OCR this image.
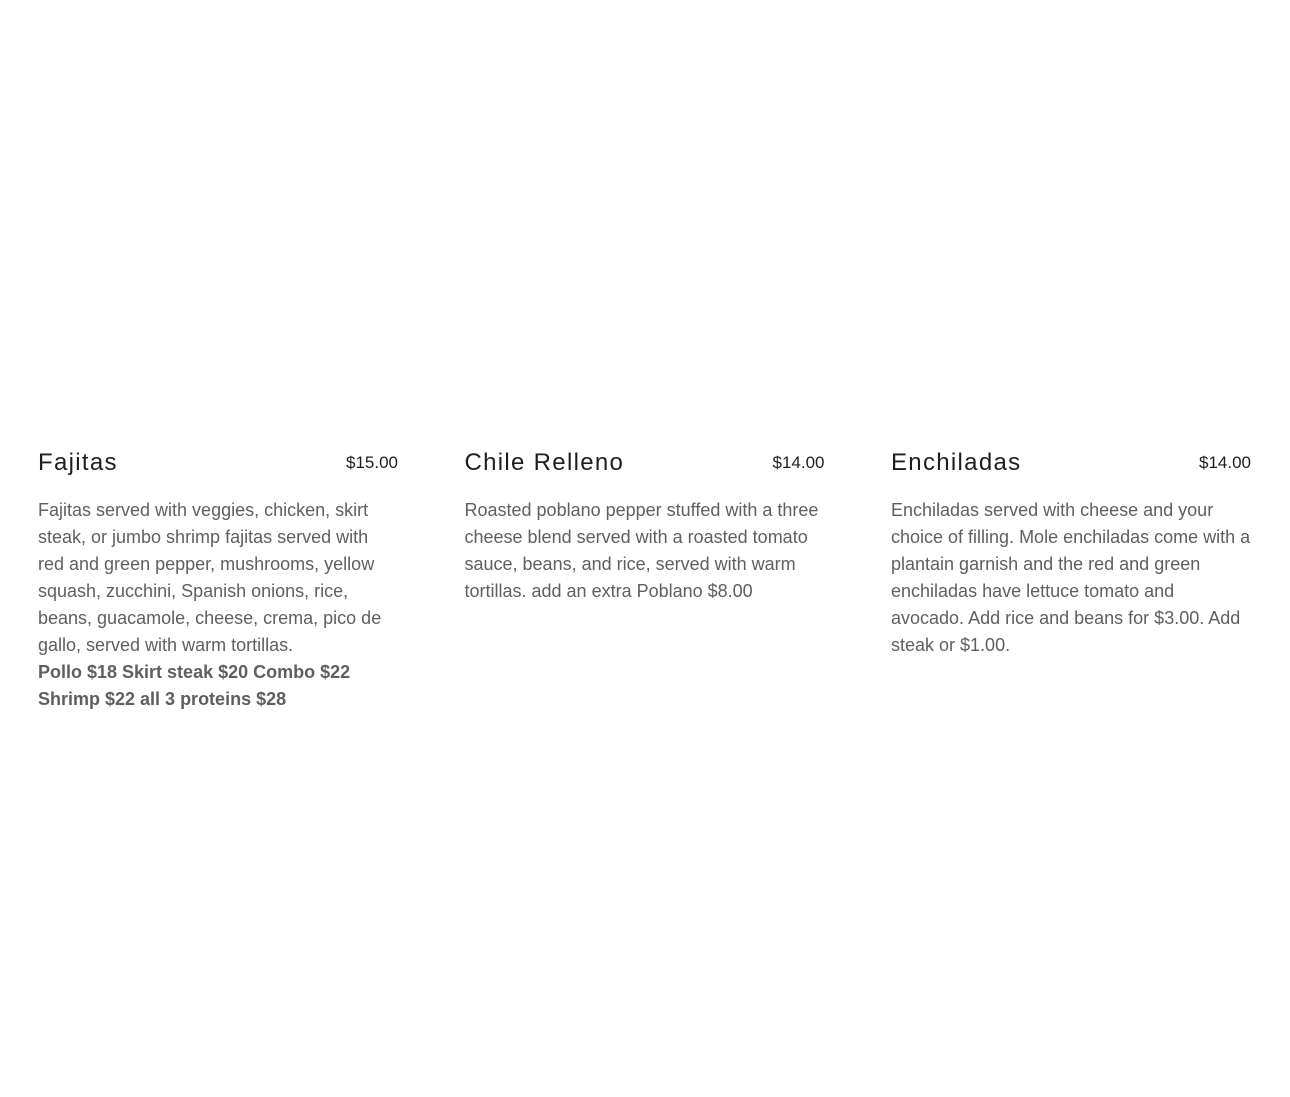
Fajitas	$15.00

Fajitas served with veggies, chicken, skirt steak, or jumbo shrimp fajitas served with red and green pepper, mushrooms, yellow squash, zucchini, Spanish onions, rice, beans, guacamole, cheese, crema, pico de gallo, served with warm tortillas.

Pollo $18 Skirt steak $20 Combo $22 Shrimp $22 all 3 proteins $28

Chile Relleno	$14.00

Roasted poblano pepper stuffed with a three cheese blend served with a roasted tomato sauce, beans, and rice, served with warm tortillas. add an extra Poblano $8.00

Enchiladas	$14.00

Enchiladas served with cheese and your choice of filling. Mole enchiladas come with a plantain garnish and the red and green enchiladas have lettuce tomato and avocado. Add rice and beans for $3.00. Add steak or $1.00.
